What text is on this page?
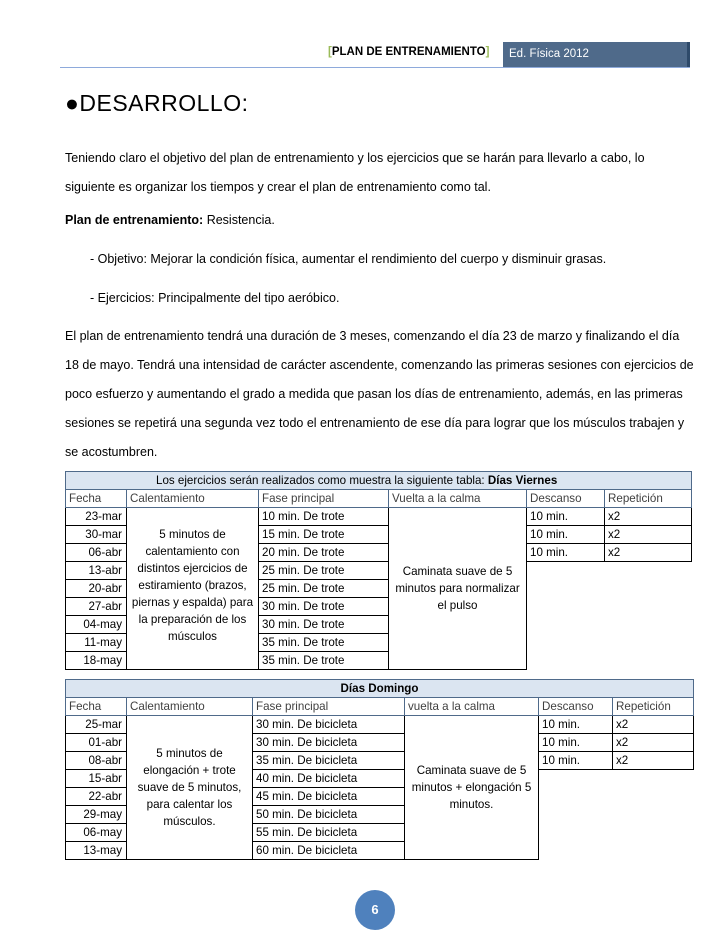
[PLAN DE ENTRENAMIENTO]	Ed. Física 2012
●DESARROLLO:
Teniendo claro el objetivo del plan de entrenamiento y los ejercicios que se harán para llevarlo a cabo, lo siguiente es organizar los tiempos y crear el plan de entrenamiento como tal.
Plan de entrenamiento: Resistencia.
- Objetivo: Mejorar la condición física, aumentar el rendimiento del cuerpo y disminuir grasas.
- Ejercicios: Principalmente del tipo aeróbico.
El plan de entrenamiento tendrá una duración de 3 meses, comenzando el día 23 de marzo y finalizando el día 18 de mayo. Tendrá una intensidad de carácter ascendente, comenzando las primeras sesiones con ejercicios de poco esfuerzo y aumentando el grado a medida que pasan los días de entrenamiento, además, en las primeras sesiones se repetirá una segunda vez todo el entrenamiento de ese día para lograr que los músculos trabajen y se acostumbren.
Los ejercicios serán realizados como muestra la siguiente tabla: Días Viernes					
Fecha	Calentamiento	Fase principal	Vuelta a la calma	Descanso	Repetición
23-mar	5 minutos de calentamiento con distintos ejercicios de estiramiento (brazos, piernas y espalda) para la preparación de los músculos	10 min. De trote	Caminata suave de 5 minutos para normalizar el pulso	10 min.	x2
30-mar		15 min. De trote		10 min.	x2
06-abr		20 min. De trote		10 min.	x2
13-abr		25 min. De trote			
20-abr		25 min. De trote			
27-abr		30 min. De trote			
04-may		30 min. De trote			
11-may		35 min. De trote			
18-may		35 min. De trote			
Días Domingo					
Fecha	Calentamiento	Fase principal	vuelta a la calma	Descanso	Repetición
25-mar	5 minutos de elongación + trote suave de 5 minutos, para calentar los músculos.	30 min. De bicicleta	Caminata suave de 5 minutos + elongación 5 minutos.	10 min.	x2
01-abr		30 min. De bicicleta		10 min.	x2
08-abr		35 min. De bicicleta		10 min.	x2
15-abr		40 min. De bicicleta			
22-abr		45 min. De bicicleta			
29-may		50 min. De bicicleta			
06-may		55 min. De bicicleta			
13-may		60 min. De bicicleta			
6
